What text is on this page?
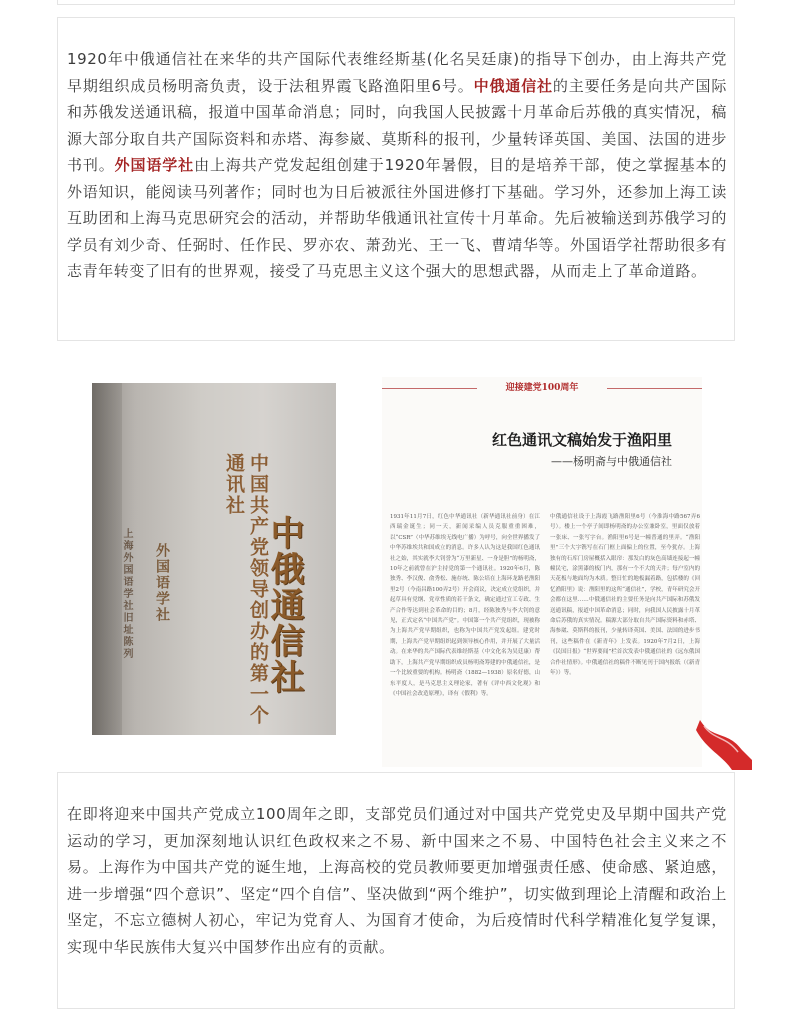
1920年中俄通信社在来华的共产国际代表维经斯基(化名吴廷康)的指导下创办，由上海共产党早期组织成员杨明斋负责，设于法租界霞飞路渔阳里6号。中俄通信社的主要任务是向共产国际和苏俄发送通讯稿，报道中国革命消息；同时，向我国人民披露十月革命后苏俄的真实情况，稿源大部分取自共产国际资料和赤塔、海参崴、莫斯科的报刊，少量转译英国、美国、法国的进步书刊。外国语学社由上海共产党发起组创建于1920年暑假，目的是培养干部，使之掌握基本的外语知识，能阅读马列著作；同时也为日后被派往外国进修打下基础。学习外，还参加上海工读互助团和上海马克思研究会的活动，并帮助华俄通讯社宣传十月革命。先后被输送到苏俄学习的学员有刘少奇、任弼时、任作民、罗亦农、萧劲光、王一飞、曹靖华等。外国语学社帮助很多有志青年转变了旧有的世界观，接受了马克思主义这个强大的思想武器，从而走上了革命道路。

上海外国语学社旧址陈列 外国语学社	中国共产党领导创办的第一个通讯社
中俄通信社
迎接建党100周年
红色通讯文稿始发于渔阳里
——杨明斋与中俄通信社
1931年11月7日，红色中华通讯社（新华通讯社前身）在江西瑞金诞生；同一天，新闻采编人员克服重重困难，以“CSR”（中华苏维埃无线电广播）为呼号，向全世界播发了中华苏维埃共和国成立的消息。许多人认为这是我国红色通讯社之始，其实就李大钊誉为“万里新星、一身是胆”的杨明斋，10年之前就曾在沪主持党的第一个通讯社。1920年6月，陈独秀、李汉俊、俞秀松、施存统、陈公培在上海环龙路老渔阳里2号（今南昌路100弄2号）开会商议，决定成立党组织，并起草具有党纲、党章性质的若干条文，确定通过宣工专政、生产合作等达到社会革命的目的；8月，经陈独秀与李大钊的意见，正式定名“中国共产党”。中国第一个共产党组织，现被称为上海共产党早期组织，也称为中国共产党发起组。建党时期，上海共产党早期组织起到领导核心作用，并开展了大量活动。在来华的共产国际代表维经斯基（中文化名为吴廷康）帮助下，上海共产党早期组织成员杨明斋筹建的中俄通信社，是一个比较重要的机构。杨明斋（1882—1938）原名好德，山东平度人，是马克思主义理论家，著有《评中西文化观》和《中国社会改造原理》，译有《假利》等。
中俄通信社设于上海霞飞路渔阳里6号（今淮海中路567弄6号）。楼上一个亭子间即杨明斋的办公室兼卧室，里面仅放着一张床、一张写字台。渔阳里6号是一幢普通的里弄。“渔阳里”三个大字镌写在石门框上面偏上的位置，至今犹存。上海独有的石库门房屋概括入眼帘：那发白的灰色高墙连接起一幢幢民宅，涂黑漆的板门内，那有一个不大的天井；每户室内的天花板与地面均为木质。整日忙的地板漏着路，包括楼的《回忆渔阳里》说：渔阳里的这所“通信社”，学校，青年研究会开会都在这里……中俄通信社的主要任务是向共产国际和苏俄发送通讯稿，报道中国革命消息；同时，向我国人民披露十月革命后苏俄的真实情况。稿源大部分取自共产国际资料和赤塔、海参崴、莫斯科的报刊，少量转译英国、美国、法国的进步书刊，这些稿件在《新青年》上发表。1920年7月2日，上海《民国日报》“世界要闻”栏首次发表中俄通信社的《远东俄国合作社情形》。中俄通信社的稿件不断见刊于国内报纸（《新青年》）等。

在即将迎来中国共产党成立100周年之即，支部党员们通过对中国共产党党史及早期中国共产党运动的学习，更加深刻地认识红色政权来之不易、新中国来之不易、中国特色社会主义来之不易。上海作为中国共产党的诞生地，上海高校的党员教师要更加增强责任感、使命感、紧迫感，进一步增强“四个意识”、坚定“四个自信”、坚决做到“两个维护”，切实做到理论上清醒和政治上坚定，不忘立德树人初心，牢记为党育人、为国育才使命，为后疫情时代科学精准化复学复课，实现中华民族伟大复兴中国梦作出应有的贡献。
